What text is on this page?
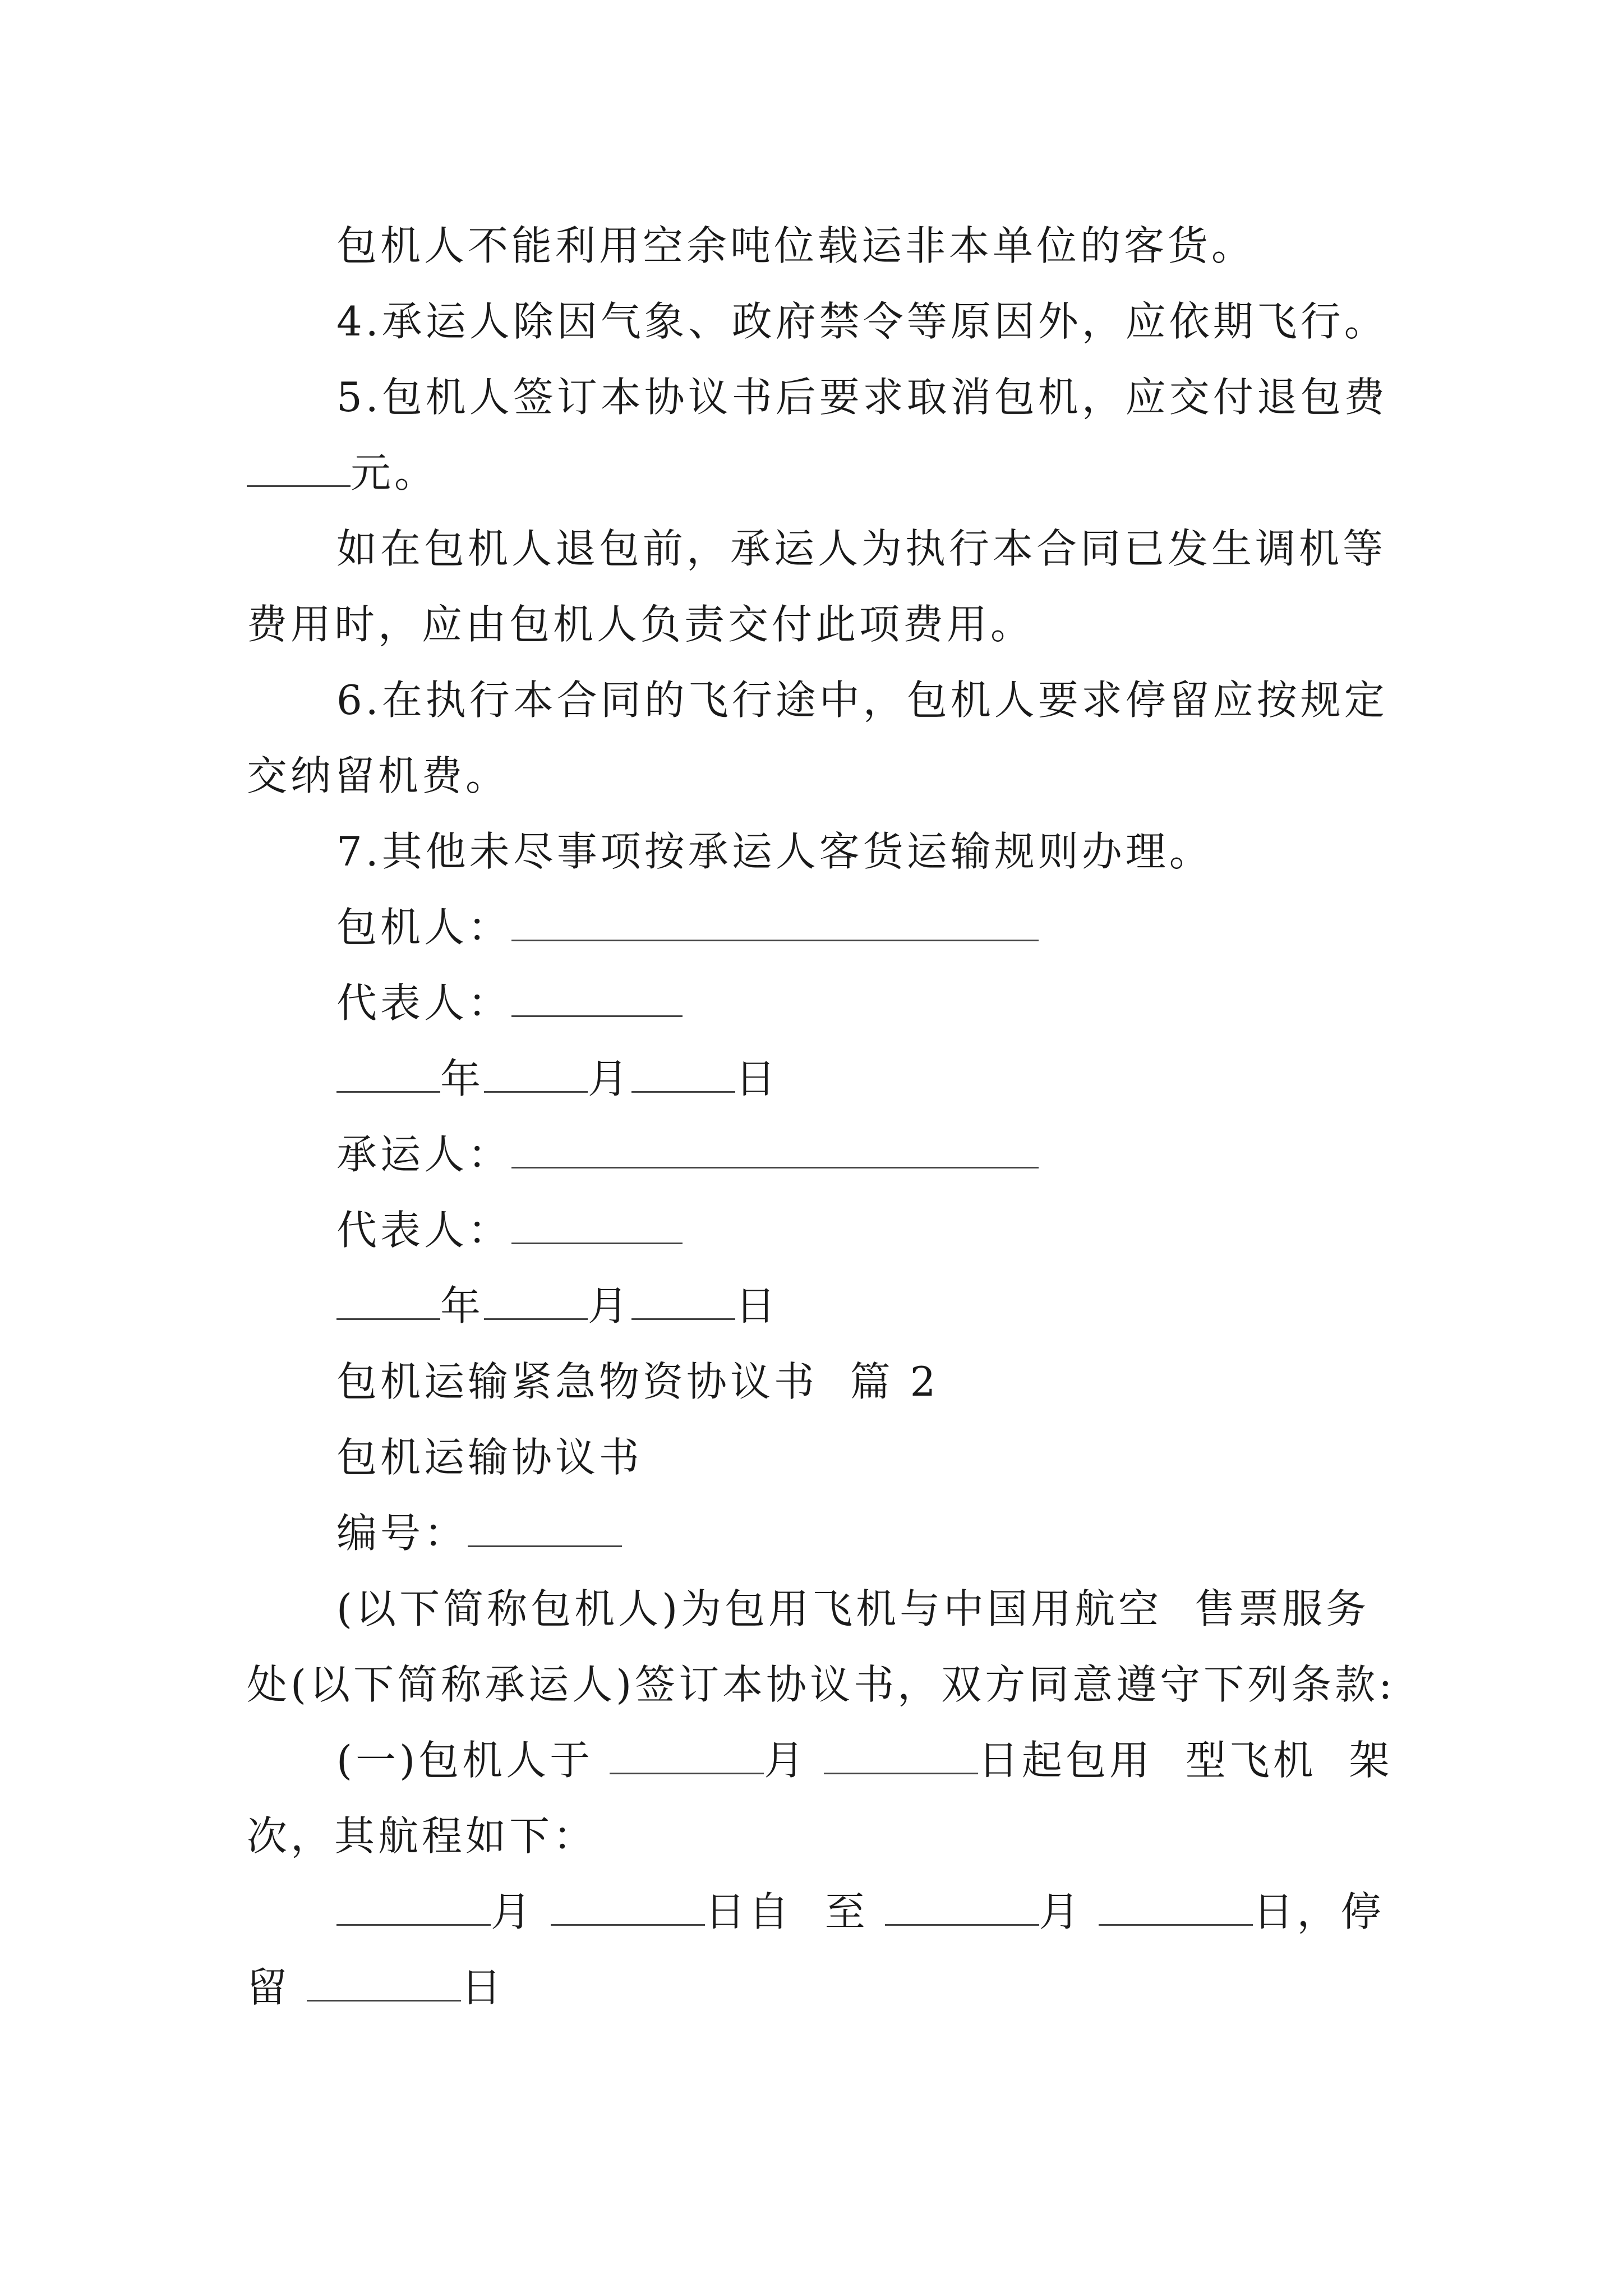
包机人不能利用空余吨位载运非本单位的客货。
4.承运人除因气象、政府禁令等原因外，应依期飞行。
5.包机人签订本协议书后要求取消包机，应交付退包费
元。
如在包机人退包前，承运人为执行本合同已发生调机等
费用时，应由包机人负责交付此项费用。
6.在执行本合同的飞行途中，包机人要求停留应按规定
交纳留机费。
7.其他未尽事项按承运人客货运输规则办理。
包机人：
代表人：
年	月	日
承运人：
代表人：
年	月	日
包机运输紧急物资协议书  篇 2
包机运输协议书
编号：
(以下简称包机人)为包用飞机与中国用航空  售票服务
处(以下简称承运人)签订本协议书，双方同意遵守下列条款:
(一)包机人于	月	日起包用  型飞机  架
次，其航程如下：
月	日自  至	月	日，停
留	日
